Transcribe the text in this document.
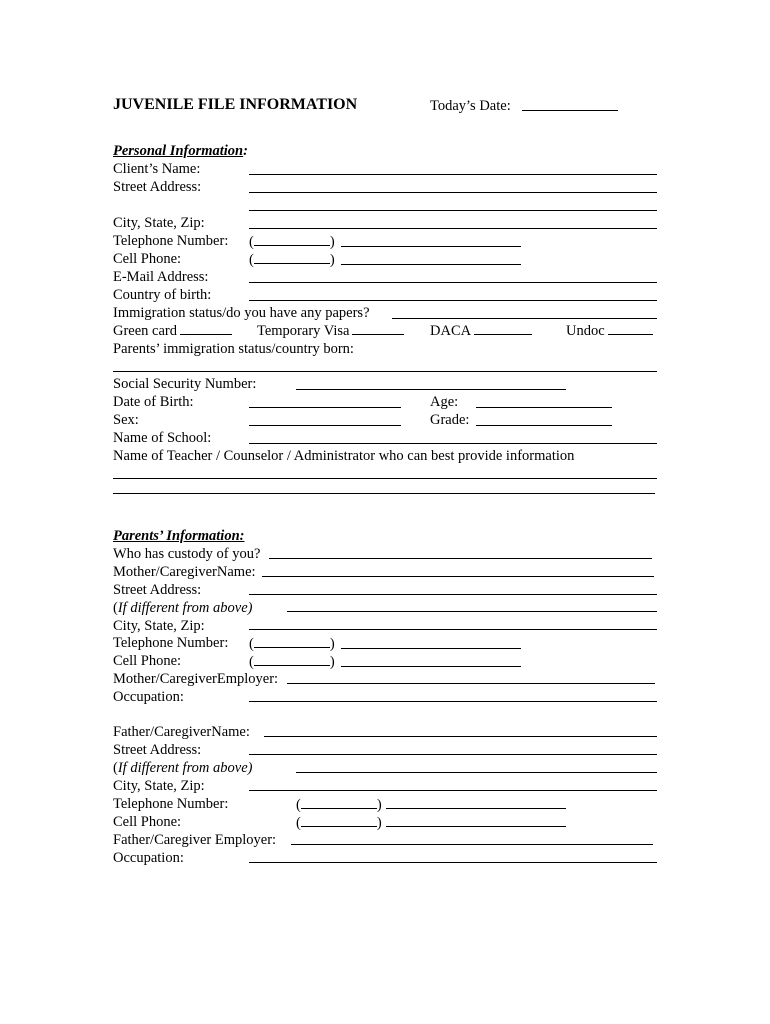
JUVENILE FILE INFORMATION	Today’s Date:
Personal Information:
Client’s Name:
Street Address:
City, State, Zip:
Telephone Number: (	)
Cell Phone:	(	)
E-Mail Address:
Country of birth:
Immigration status/do you have any papers?
Green card	Temporary Visa	DACA	Undoc
Parents’ immigration status/country born:
Social Security Number:
Date of Birth:	Age:
Sex:	Grade:
Name of School:
Name of Teacher / Counselor / Administrator who can best provide information
Parents’ Information:
Who has custody of you?
Mother/CaregiverName:
Street Address:
(If different from above)
City, State, Zip:
Telephone Number: (	)
Cell Phone:	(	)
Mother/CaregiverEmployer:
Occupation:
Father/CaregiverName:
Street Address:
(If different from above)
City, State, Zip:
Telephone Number:	(	)
Cell Phone:	(	)
Father/Caregiver Employer:
Occupation:
